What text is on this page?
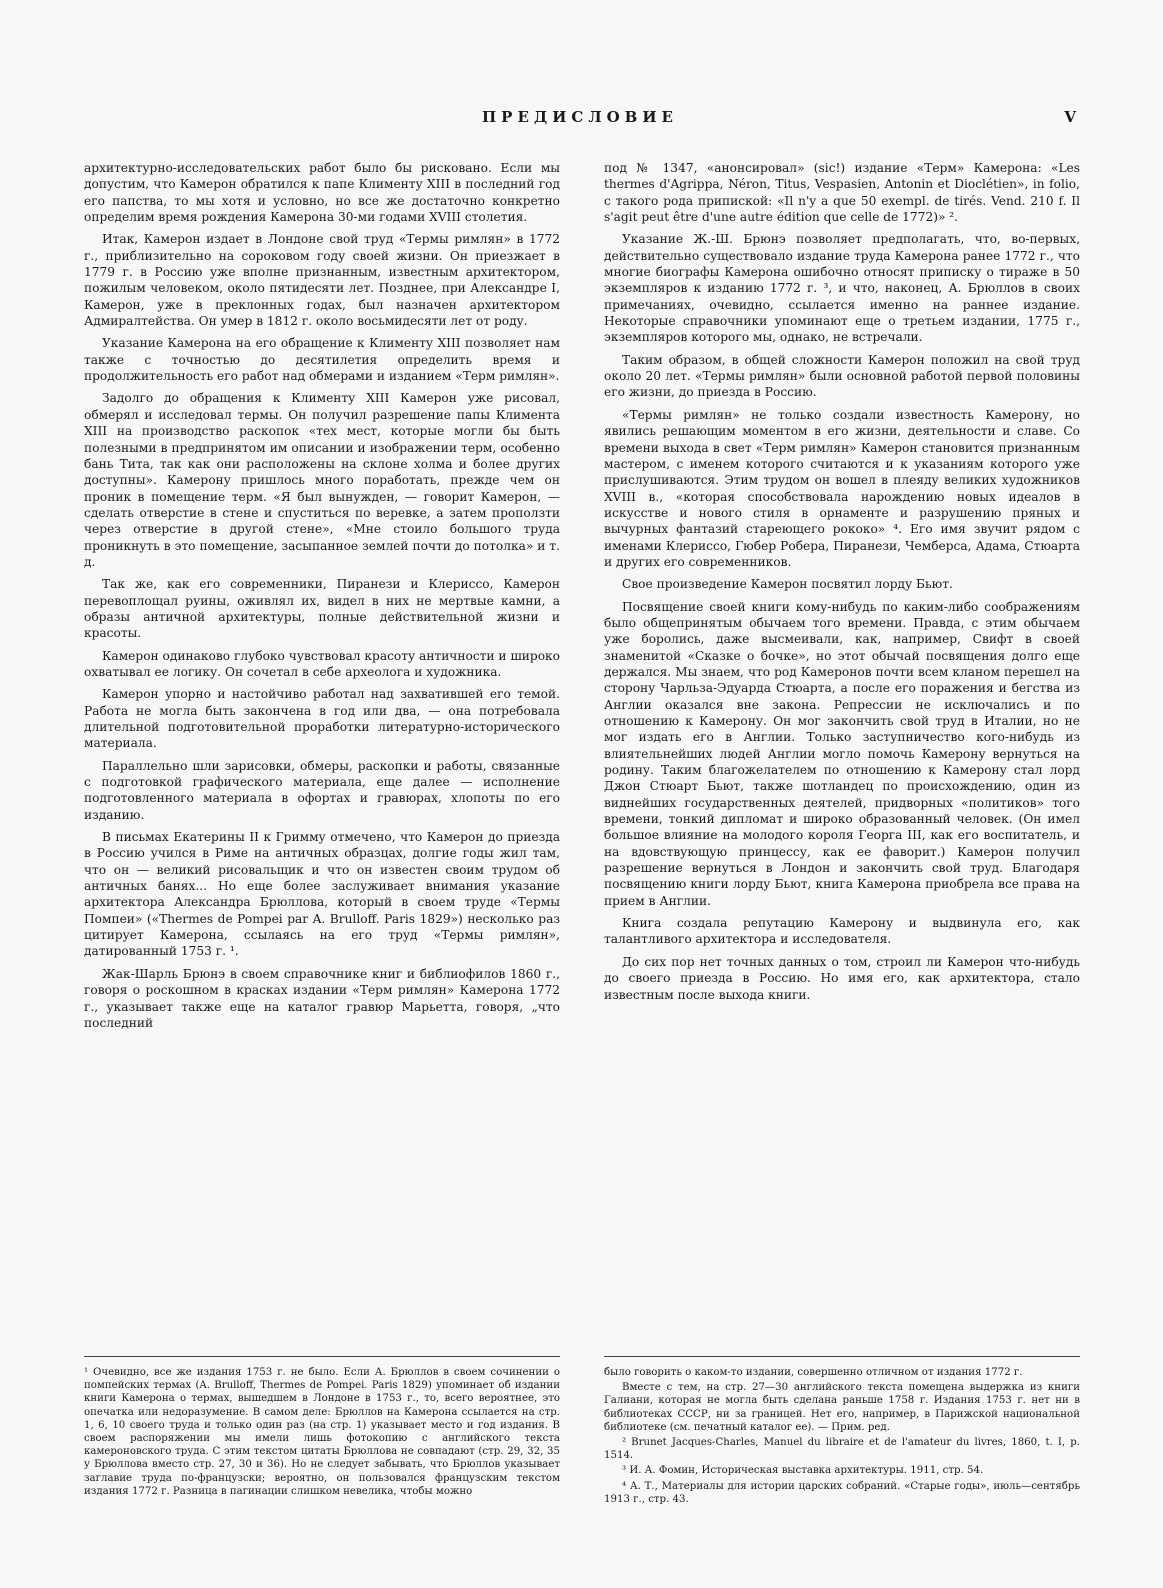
ПРЕДИСЛОВИЕ	V

архитектурно-исследовательских работ было бы рисковано. Если мы допустим, что Камерон обратился к папе Клименту XIII в последний год его папства, то мы хотя и условно, но все же достаточно конкретно определим время рождения Камерона 30-ми годами XVIII столетия.

Итак, Камерон издает в Лондоне свой труд «Термы римлян» в 1772 г., приблизительно на сороковом году своей жизни. Он приезжает в 1779 г. в Россию уже вполне признанным, известным архитектором, пожилым человеком, около пятидесяти лет. Позднее, при Александре I, Камерон, уже в преклонных годах, был назначен архитектором Адмиралтейства. Он умер в 1812 г. около восьмидесяти лет от роду.

Указание Камерона на его обращение к Клименту XIII позволяет нам также с точностью до десятилетия определить время и продолжительность его работ над обмерами и изданием «Терм римлян».

Задолго до обращения к Клименту XIII Камерон уже рисовал, обмерял и исследовал термы. Он получил разрешение папы Климента XIII на производство раскопок «тех мест, которые могли бы быть полезными в предпринятом им описании и изображении терм, особенно бань Тита, так как они расположены на склоне холма и более других доступны». Камерону пришлось много поработать, прежде чем он проник в помещение терм. «Я был вынужден, — говорит Камерон, — сделать отверстие в стене и спуститься по веревке, а затем проползти через отверстие в другой стене», «Мне стоило большого труда проникнуть в это помещение, засыпанное землей почти до потолка» и т. д.

Так же, как его современники, Пиранези и Клериссо, Камерон перевоплощал руины, оживлял их, видел в них не мертвые камни, а образы античной архитектуры, полные действительной жизни и красоты.

Камерон одинаково глубоко чувствовал красоту античности и широко охватывал ее логику. Он сочетал в себе археолога и художника.

Камерон упорно и настойчиво работал над захватившей его темой. Работа не могла быть закончена в год или два, — она потребовала длительной подготовительной проработки литературно-исторического материала.

Параллельно шли зарисовки, обмеры, раскопки и работы, связанные с подготовкой графического материала, еще далее — исполнение подготовленного материала в офортах и гравюрах, хлопоты по его изданию.

В письмах Екатерины II к Гримму отмечено, что Камерон до приезда в Россию учился в Риме на античных образцах, долгие годы жил там, что он — великий рисовальщик и что он известен своим трудом об античных банях... Но еще более заслуживает внимания указание архитектора Александра Брюллова, который в своем труде «Термы Помпеи» («Thermes de Pompei par A. Brulloff. Paris 1829») несколько раз цитирует Камерона, ссылаясь на его труд «Термы римлян», датированный 1753 г. ¹.

Жак-Шарль Брюнэ в своем справочнике книг и библиофилов 1860 г., говоря о роскошном в красках издании «Терм римлян» Камерона 1772 г., указывает также еще на каталог гравюр Марьетта, говоря, „что последний

под № 1347, «анонсировал» (sic!) издание «Терм» Камерона: «Les thermes d'Agrippa, Néron, Titus, Vespasien, Antonin et Dioclétien», in folio, с такого рода припиской: «Il n'y a que 50 exempl. de tirés. Vend. 210 f. Il s'agit peut être d'une autre édition que celle de 1772)» ².

Указание Ж.-Ш. Брюнэ позволяет предполагать, что, во-первых, действительно существовало издание труда Камерона ранее 1772 г., что многие биографы Камерона ошибочно относят приписку о тираже в 50 экземпляров к изданию 1772 г. ³, и что, наконец, А. Брюллов в своих примечаниях, очевидно, ссылается именно на раннее издание. Некоторые справочники упоминают еще о третьем издании, 1775 г., экземпляров которого мы, однако, не встречали.

Таким образом, в общей сложности Камерон положил на свой труд около 20 лет. «Термы римлян» были основной работой первой половины его жизни, до приезда в Россию.

«Термы римлян» не только создали известность Камерону, но явились решающим моментом в его жизни, деятельности и славе. Со времени выхода в свет «Терм римлян» Камерон становится признанным мастером, с именем которого считаются и к указаниям которого уже прислушиваются. Этим трудом он вошел в плеяду великих художников XVIII в., «которая способствовала нарождению новых идеалов в искусстве и нового стиля в орнаменте и разрушению пряных и вычурных фантазий стареющего рококо» ⁴. Его имя звучит рядом с именами Клериссо, Гюбер Робера, Пиранези, Чемберса, Адама, Стюарта и других его современников.

Свое произведение Камерон посвятил лорду Бьют.

Посвящение своей книги кому-нибудь по каким-либо соображениям было общепринятым обычаем того времени. Правда, с этим обычаем уже боролись, даже высмеивали, как, например, Свифт в своей знаменитой «Сказке о бочке», но этот обычай посвящения долго еще держался. Мы знаем, что род Камеронов почти всем кланом перешел на сторону Чарльза-Эдуарда Стюарта, а после его поражения и бегства из Англии оказался вне закона. Репрессии не исключались и по отношению к Камерону. Он мог закончить свой труд в Италии, но не мог издать его в Англии. Только заступничество кого-нибудь из влиятельнейших людей Англии могло помочь Камерону вернуться на родину. Таким благожелателем по отношению к Камерону стал лорд Джон Стюарт Бьют, также шотландец по происхождению, один из виднейших государственных деятелей, придворных «политиков» того времени, тонкий дипломат и широко образованный человек. (Он имел большое влияние на молодого короля Георга III, как его воспитатель, и на вдовствующую принцессу, как ее фаворит.) Камерон получил разрешение вернуться в Лондон и закончить свой труд. Благодаря посвящению книги лорду Бьют, книга Камерона приобрела все права на прием в Англии.

Книга создала репутацию Камерону и выдвинула его, как талантливого архитектора и исследователя.

До сих пор нет точных данных о том, строил ли Камерон что-нибудь до своего приезда в Россию. Но имя его, как архитектора, стало известным после выхода книги.

¹ Очевидно, все же издания 1753 г. не было. Если А. Брюллов в своем сочинении о помпейских термах (A. Brulloff, Thermes de Pompei. Paris 1829) упоминает об издании книги Камерона о термах, вышедшем в Лондоне в 1753 г., то, всего вероятнее, это опечатка или недоразумение. В самом деле: Брюллов на Камерона ссылается на стр. 1, 6, 10 своего труда и только один раз (на стр. 1) указывает место и год издания. В своем распоряжении мы имели лишь фотокопию с английского текста камероновского труда. С этим текстом цитаты Брюллова не совпадают (стр. 29, 32, 35 у Брюллова вместо стр. 27, 30 и 36). Но не следует забывать, что Брюллов указывает заглавие труда по-французски; вероятно, он пользовался французским текстом издания 1772 г. Разница в пагинации слишком невелика, чтобы можно

было говорить о каком-то издании, совершенно отличном от издания 1772 г.

Вместе с тем, на стр. 27—30 английского текста помещена выдержка из книги Галиани, которая не могла быть сделана раньше 1758 г. Издания 1753 г. нет ни в библиотеках СССР, ни за границей. Нет его, например, в Парижской национальной библиотеке (см. печатный каталог ее). — Прим. ред.

² Brunet Jacques-Charles, Manuel du libraire et de l'amateur du livres, 1860, t. I, p. 1514.

³ И. А. Фомин, Историческая выставка архитектуры. 1911, стр. 54.

⁴ А. Т., Материалы для истории царских собраний. «Старые годы», июль—сентябрь 1913 г., стр. 43.
